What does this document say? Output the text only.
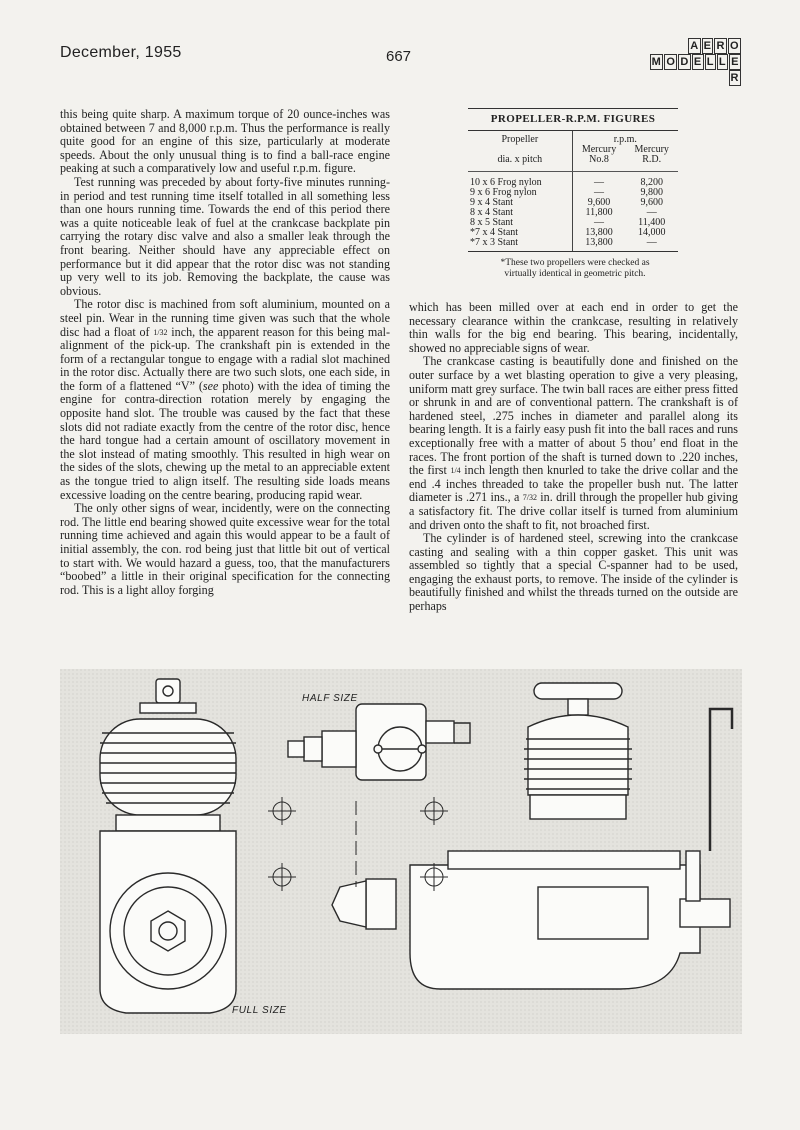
December, 1955	667
A E R O
M O D E L L ER

this being quite sharp. A maximum torque of 20 ounce-inches was obtained between 7 and 8,000 r.p.m. Thus the performance is really quite good for an engine of this size, particularly at moderate speeds. About the only unusual thing is to find a ball-race engine peaking at such a comparatively low and useful r.p.m. figure.

Test running was preceded by about forty-five minutes running-in period and test running time itself totalled in all something less than one hours running time. Towards the end of this period there was a quite noticeable leak of fuel at the crankcase backplate pin carrying the rotary disc valve and also a smaller leak through the front bearing. Neither should have any appreciable effect on performance but it did appear that the rotor disc was not standing up very well to its job. Removing the backplate, the cause was obvious.

The rotor disc is machined from soft aluminium, mounted on a steel pin. Wear in the running time given was such that the whole disc had a float of 1/32 inch, the apparent reason for this being mal-alignment of the pick-up. The crankshaft pin is extended in the form of a rectangular tongue to engage with a radial slot machined in the rotor disc. Actually there are two such slots, one each side, in the form of a flattened “V” (see photo) with the idea of timing the engine for contra-direction rotation merely by engaging the opposite hand slot. The trouble was caused by the fact that these slots did not radiate exactly from the centre of the rotor disc, hence the hard tongue had a certain amount of oscillatory movement in the slot instead of mating smoothly. This resulted in high wear on the sides of the slots, chewing up the metal to an appreciable extent as the tongue tried to align itself. The resulting side loads means excessive loading on the centre bearing, producing rapid wear.

The only other signs of wear, incidently, were on the connecting rod. The little end bearing showed quite excessive wear for the total running time achieved and again this would appear to be a fault of initial assembly, the con. rod being just that little bit out of vertical to start with. We would hazard a guess, too, that the manufacturers “boobed” a little in their original specification for the connecting rod. This is a light alloy forging

PROPELLER-R.P.M. FIGURES
Propeller	r.p.m.	
	Mercury	Mercury
dia. x pitch	No.8	R.D.
10 x 6 Frog nylon	—	8,200
9 x 6 Frog nylon	—	9,800
9 x 4 Stant	9,600	9,600
8 x 4 Stant	11,800	—
8 x 5 Stant	—	11,400
*7 x 4 Stant	13,800	14,000
*7 x 3 Stant	13,800	—
*These two propellers were checked as
virtually identical in geometric pitch.

which has been milled over at each end in order to get the necessary clearance within the crankcase, resulting in relatively thin walls for the big end bearing. This bearing, incidentally, showed no appreciable signs of wear.

The crankcase casting is beautifully done and finished on the outer surface by a wet blasting operation to give a very pleasing, uniform matt grey surface. The twin ball races are either press fitted or shrunk in and are of conventional pattern. The crankshaft is of hardened steel, .275 inches in diameter and parallel along its bearing length. It is a fairly easy push fit into the ball races and runs exceptionally free with a matter of about 5 thou’ end float in the races. The front portion of the shaft is turned down to .220 inches, the first 1/4 inch length then knurled to take the drive collar and the end .4 inches threaded to take the propeller bush nut. The latter diameter is .271 ins., a 7/32 in. drill through the propeller hub giving a satisfactory fit. The drive collar itself is turned from aluminium and driven onto the shaft to fit, not broached first.

The cylinder is of hardened steel, screwing into the crankcase casting and sealing with a thin copper gasket. This unit was assembled so tightly that a special C-spanner had to be used, engaging the exhaust ports, to remove. The inside of the cylinder is beautifully finished and whilst the threads turned on the outside are perhaps

HALF SIZE
FULL SIZE
